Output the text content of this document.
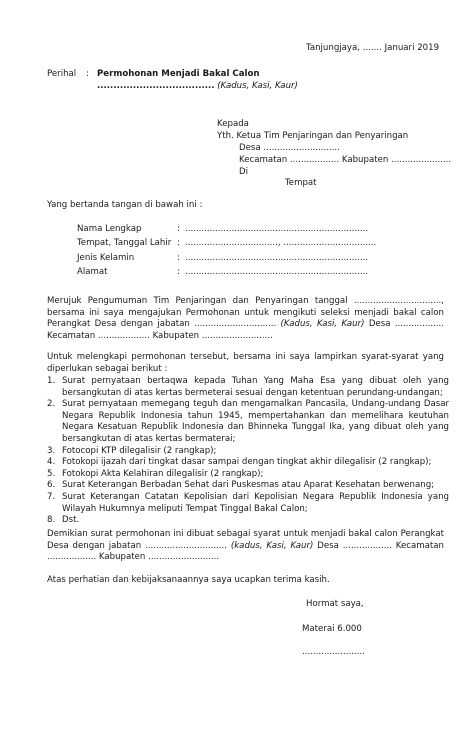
Tanjungjaya, ....... Januari 2019
Perihal : Permohonan Menjadi Bakal Calon
.................................... (Kadus, Kasi, Kaur)
Kepada
Yth. Ketua Tim Penjaringan dan Penyaringan
Desa ............................
Kecamatan .................. Kabupaten ......................
Di
Tempat
Yang bertanda tangan di bawah ini :
Nama Lengkap	: ...................................................................
Tempat, Tanggal Lahir : .................................., ..................................
Jenis Kelamin	: ...................................................................
Alamat	: ...................................................................
Merujuk Pengumuman Tim Penjaringan dan Penyaringan tanggal ................................, bersama ini saya mengajukan Permohonan untuk mengikuti seleksi menjadi bakal calon Perangkat Desa dengan jabatan .............................. (Kadus, Kasi, Kaur) Desa .................. Kecamatan ................... Kabupaten ..........................
Untuk melengkapi permohonan tersebut, bersama ini saya lampirkan syarat-syarat yang diperlukan sebagai berikut :
1. Surat pernyataan bertaqwa kepada Tuhan Yang Maha Esa yang dibuat oleh yang bersangkutan di atas kertas bermeterai sesuai dengan ketentuan perundang-undangan;
2. Surat pernyataan memegang teguh dan mengamalkan Pancasila, Undang-undang Dasar Negara Republik Indonesia tahun 1945, mempertahankan dan memelihara keutuhan Negara Kesatuan Republik Indonesia dan Bhinneka Tunggal Ika, yang dibuat oleh yang bersangkutan di atas kertas bermaterai;
3. Fotocopi KTP dilegalisir (2 rangkap);
4. Fotokopi ijazah dari tingkat dasar sampai dengan tingkat akhir dilegalisir (2 rangkap);
5. Fotokopi Akta Kelahiran dilegalisir (2 rangkap);
6. Surat Keterangan Berbadan Sehat dari Puskesmas atau Aparat Kesehatan berwenang;
7. Surat Keterangan Catatan Kepolisian dari Kepolisian Negara Republik Indonesia yang Wilayah Hukumnya meliputi Tempat Tinggal Bakal Calon;
8. Dst.
Demikian surat permohonan ini dibuat sebagai syarat untuk menjadi bakal calon Perangkat Desa dengan jabatan .............................. (kadus, Kasi, Kaur) Desa .................. Kecamatan .................. Kabupaten ..........................
Atas perhatian dan kebijaksanaannya saya ucapkan terima kasih.
Hormat saya,
Materai 6.000
.......................
